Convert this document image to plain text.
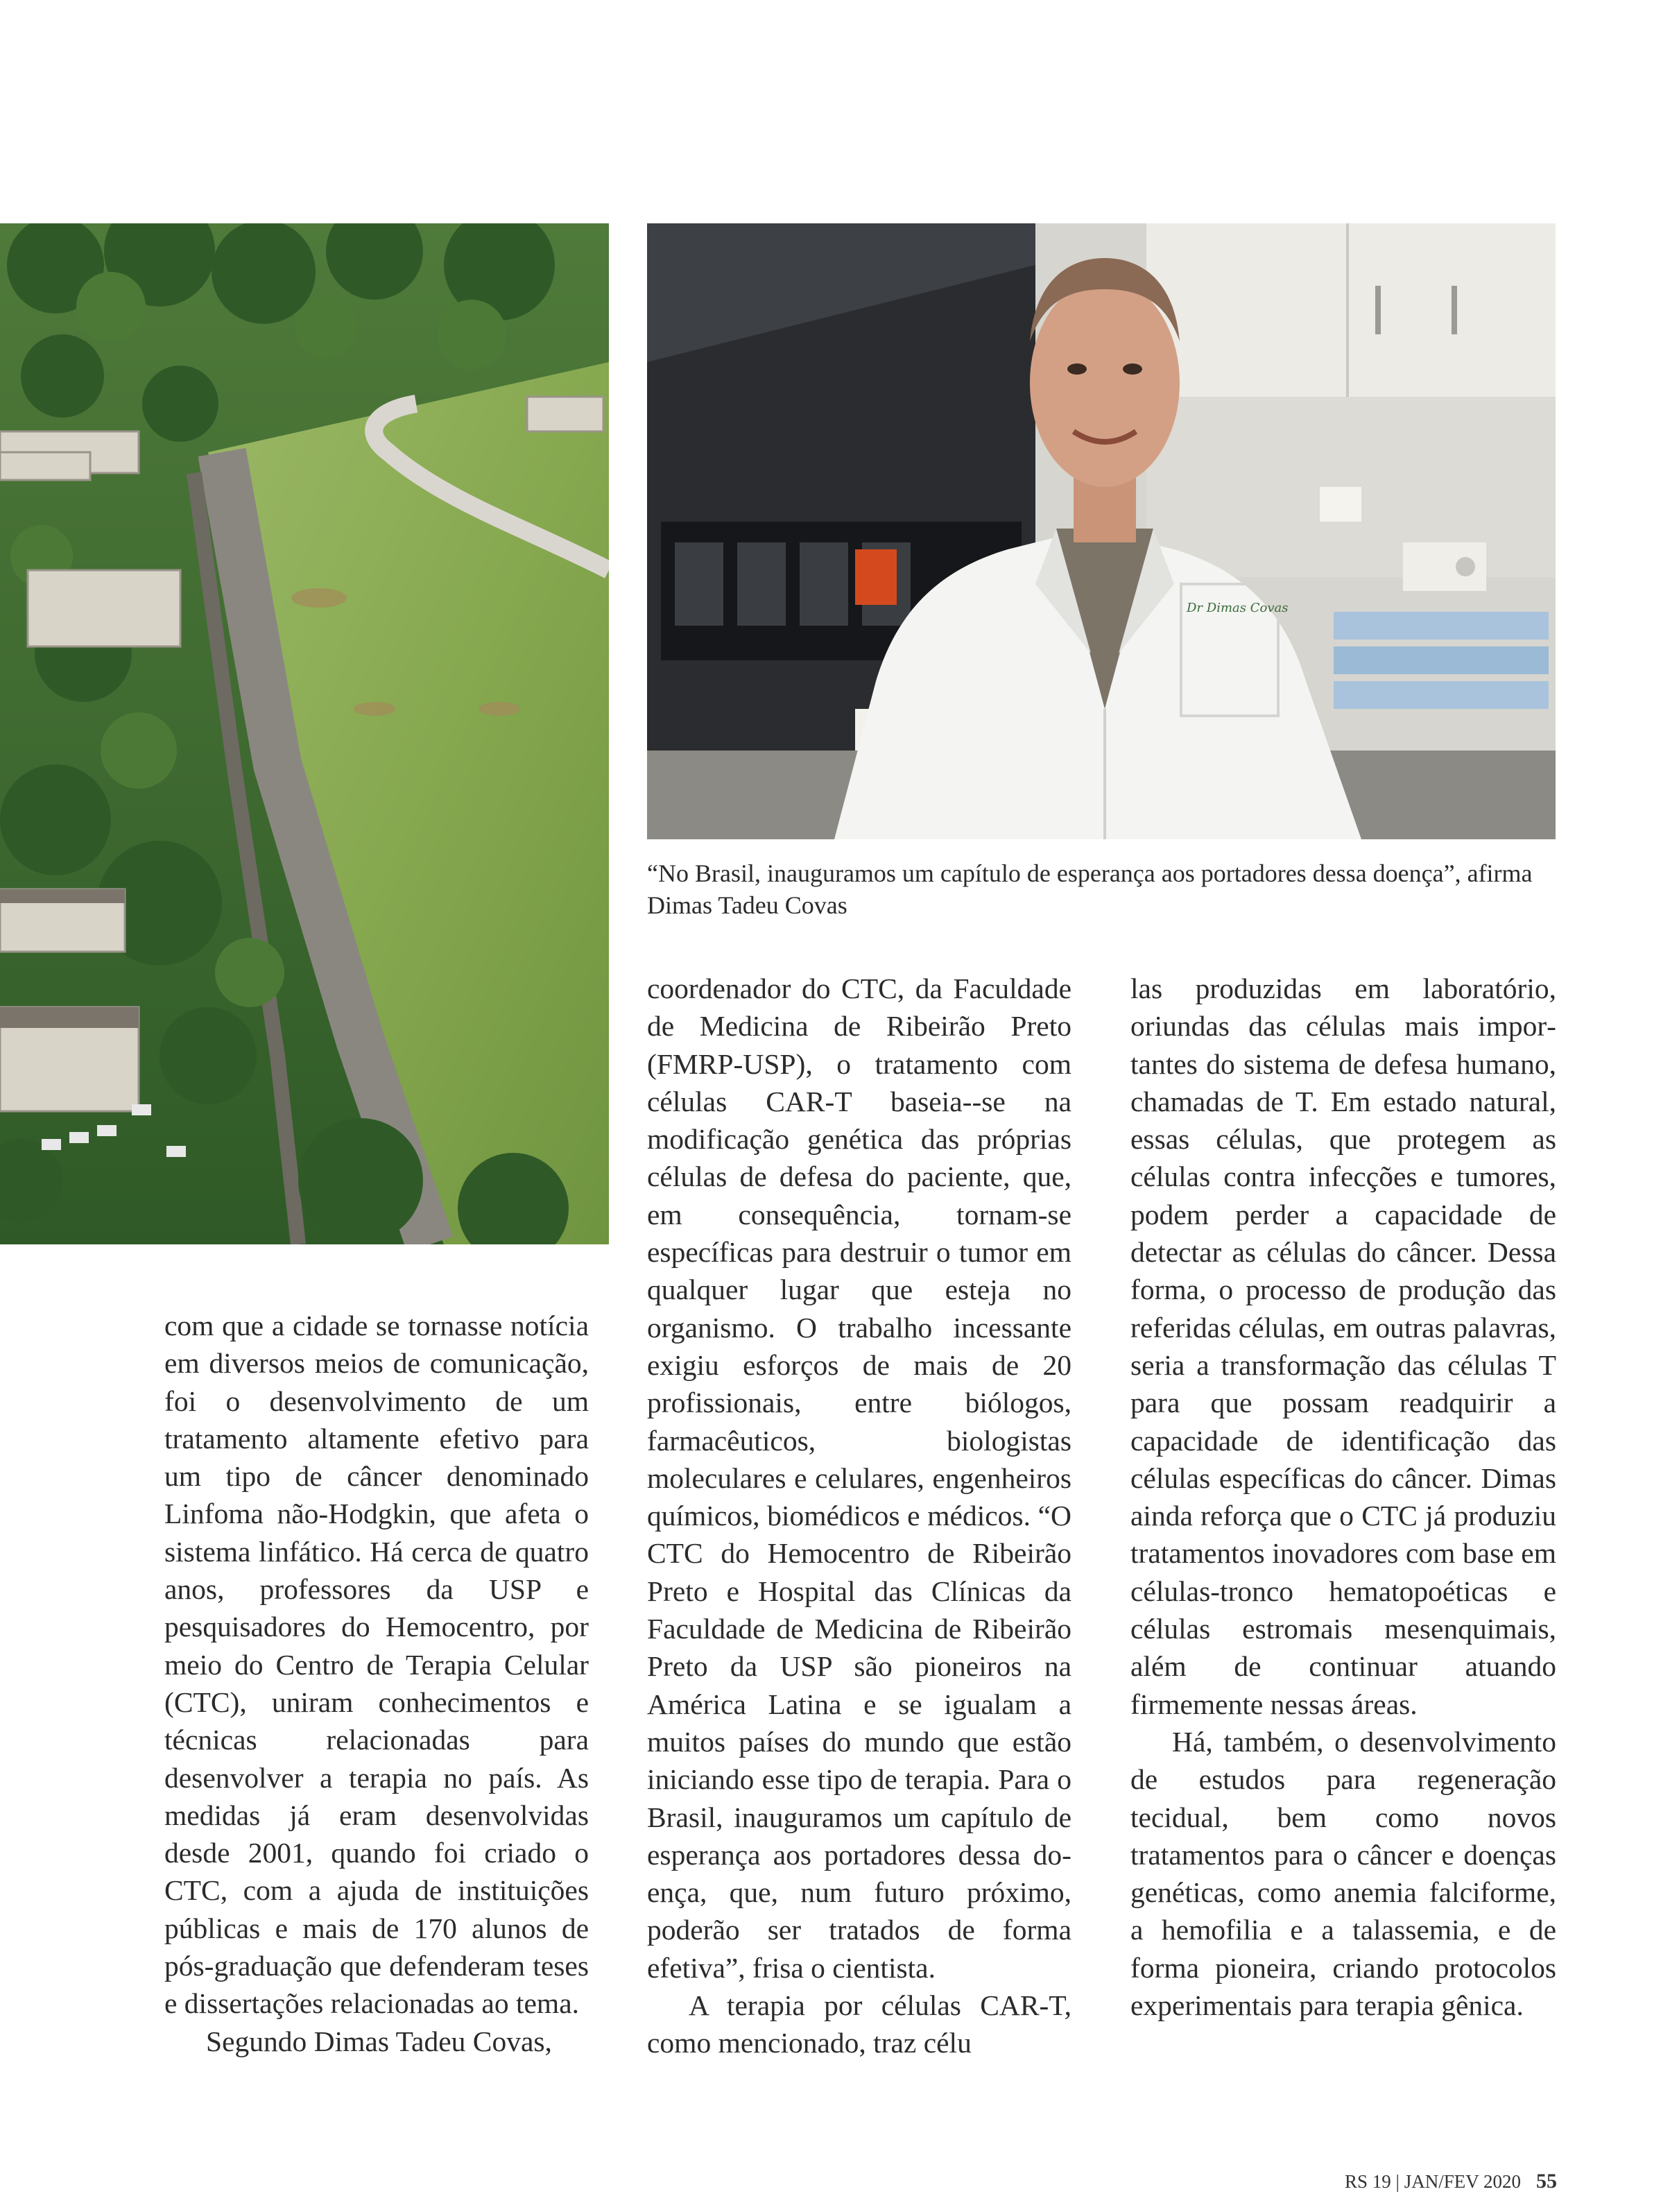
Dr Dimas Covas

“No Brasil, inauguramos um capítulo de esperança aos portadores dessa doença”, afirma Dimas Tadeu Covas

com que a cidade se tornasse notícia em diversos meios de comunicação, foi o desenvolvimento de um tratamento altamente efetivo para um tipo de câncer denominado Linfoma não-Hodgkin, que afeta o sistema linfático. Há cerca de quatro anos, professores da USP e pesquisadores do Hemocentro, por meio do Centro de Terapia Celular (CTC), uniram conhecimentos e técnicas relacionadas para desenvolver a terapia no país. As medidas já eram desenvolvidas desde 2001, quando foi criado o CTC, com a ajuda de instituições públicas e mais de 170 alunos de pós-graduação que defenderam teses e dissertações relacionadas ao tema.

Segundo Dimas Tadeu Covas,

coordenador do CTC, da Faculdade de Medicina de Ribeirão Preto (FMRP-USP), o tratamento com células CAR-T baseia--se na modificação genética das próprias células de defesa do paciente, que, em consequência, tornam-se específicas para destruir o tumor em qualquer lugar que esteja no organismo. O trabalho incessante exigiu esforços de mais de 20 profissionais, entre biólogos, farmacêuticos, biologistas moleculares e celulares, engenheiros químicos, biomédicos e médicos. “O CTC do Hemocentro de Ribeirão Preto e Hospital das Clínicas da Faculdade de Medicina de Ribeirão Preto da USP são pioneiros na América Latina e se igualam a muitos países do mundo que estão iniciando esse tipo de terapia. Para o Brasil, inauguramos um capítulo de esperança aos portadores dessa doença, que, num futuro próximo, poderão ser tratados de forma efetiva”, frisa o cientista.

A terapia por células CAR-T, como mencionado, traz célu

las produzidas em laboratório, oriundas das células mais importantes do sistema de defesa humano, chamadas de T. Em estado natural, essas células, que protegem as células contra infecções e tumores, podem perder a capacidade de detectar as células do câncer. Dessa forma, o processo de produção das referidas células, em outras palavras, seria a transformação das células T para que possam readquirir a capacidade de identificação das células específicas do câncer. Dimas ainda reforça que o CTC já produziu tratamentos inovadores com base em células-tronco hematopoéticas e células estromais mesenquimais, além de continuar atuando firmemente nessas áreas.

Há, também, o desenvolvimento de estudos para regeneração tecidual, bem como novos tratamentos para o câncer e doenças genéticas, como anemia falciforme, a hemofilia e a talassemia, e de forma pioneira, criando protocolos experimentais para terapia gênica.

RS 19 | JAN/FEV 2020 55
